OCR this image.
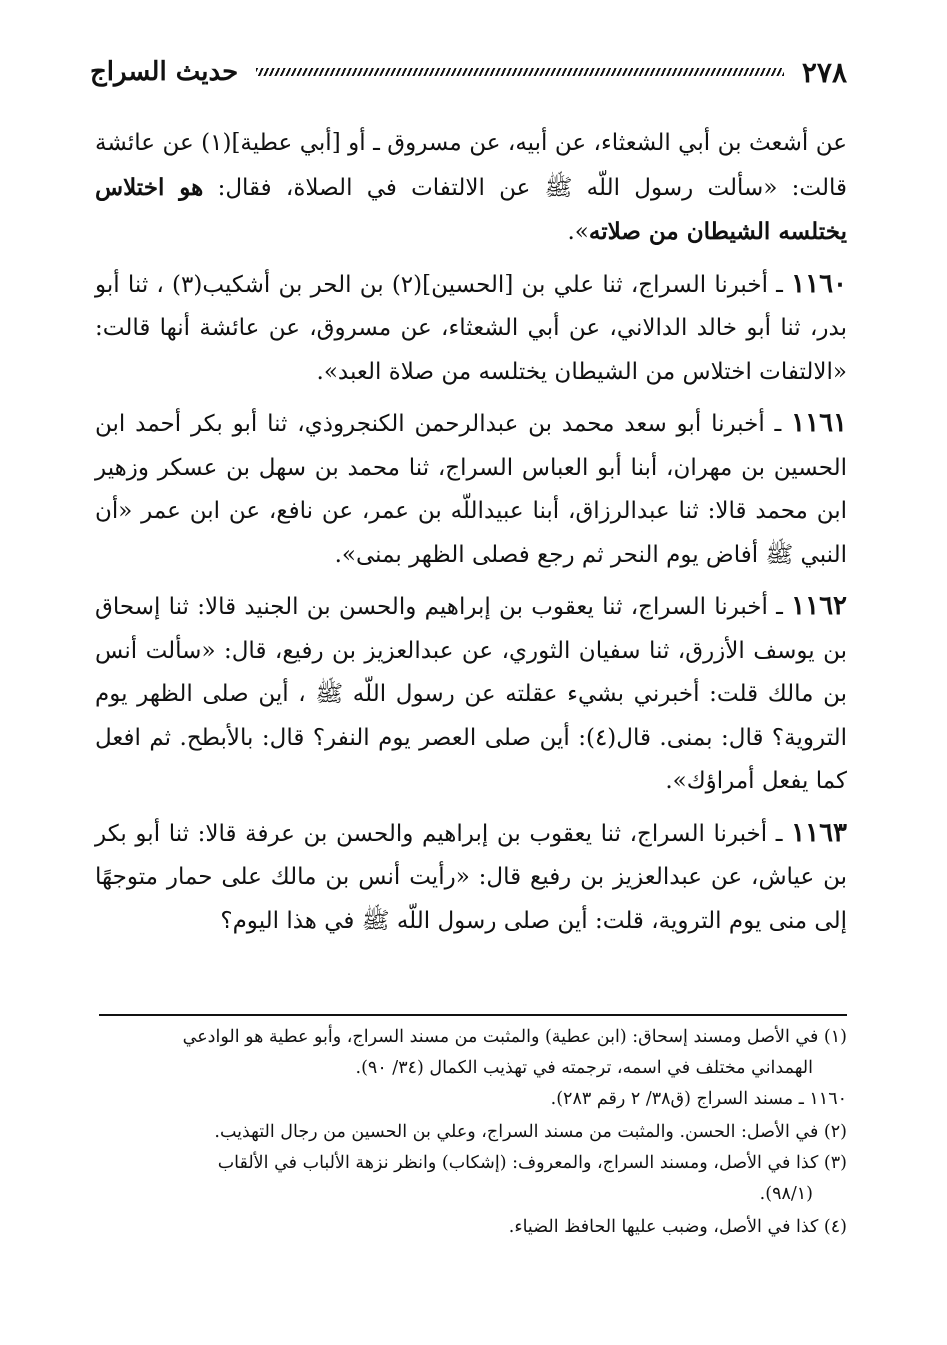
٢٧٨
حديث السراج

عن أشعث بن أبي الشعثاء، عن أبيه، عن مسروق ـ أو [أبي عطية](١) عن عائشة قالت: «سألت رسول اللّه ﷺ عن الالتفات في الصلاة، فقال: هو اختلاس يختلسه الشيطان من صلاته».

١١٦٠ ـ أخبرنا السراج، ثنا علي بن [الحسين](٢) بن الحر بن أشكيب(٣) ، ثنا أبو بدر، ثنا أبو خالد الدالاني، عن أبي الشعثاء، عن مسروق، عن عائشة أنها قالت: «الالتفات اختلاس من الشيطان يختلسه من صلاة العبد».

١١٦١ ـ أخبرنا أبو سعد محمد بن عبدالرحمن الكنجروذي، ثنا أبو بكر أحمد ابن الحسين بن مهران، أبنا أبو العباس السراج، ثنا محمد بن سهل بن عسكر وزهير ابن محمد قالا: ثنا عبدالرزاق، أبنا عبيداللّه بن عمر، عن نافع، عن ابن عمر «أن النبي ﷺ أفاض يوم النحر ثم رجع فصلى الظهر بمنى».

١١٦٢ ـ أخبرنا السراج، ثنا يعقوب بن إبراهيم والحسن بن الجنيد قالا: ثنا إسحاق بن يوسف الأزرق، ثنا سفيان الثوري، عن عبدالعزيز بن رفيع، قال: «سألت أنس بن مالك قلت: أخبرني بشيء عقلته عن رسول اللّه ﷺ ، أين صلى الظهر يوم التروية؟ قال: بمنى. قال(٤): أين صلى العصر يوم النفر؟ قال: بالأبطح. ثم افعل كما يفعل أمراؤك».

١١٦٣ ـ أخبرنا السراج، ثنا يعقوب بن إبراهيم والحسن بن عرفة قالا: ثنا أبو بكر بن عياش، عن عبدالعزيز بن رفيع قال: «رأيت أنس بن مالك على حمار متوجهًا إلى منى يوم التروية، قلت: أين صلى رسول اللّه ﷺ في هذا اليوم؟

(١) في الأصل ومسند إسحاق: (ابن عطية) والمثبت من مسند السراج، وأبو عطية هو الوادعي
الهمداني مختلف في اسمه، ترجمته في تهذيب الكمال (٣٤/ ٩٠).

١١٦٠ ـ مسند السراج (ق٣٨/ ٢ رقم ٢٨٣).

(٢) في الأصل: الحسن. والمثبت من مسند السراج، وعلي بن الحسين من رجال التهذيب.

(٣) كذا في الأصل، ومسند السراج، والمعروف: (إشكاب) وانظر نزهة الألباب في الألقاب
(٩٨/١).

(٤) كذا في الأصل، وضبب عليها الحافظ الضياء.
